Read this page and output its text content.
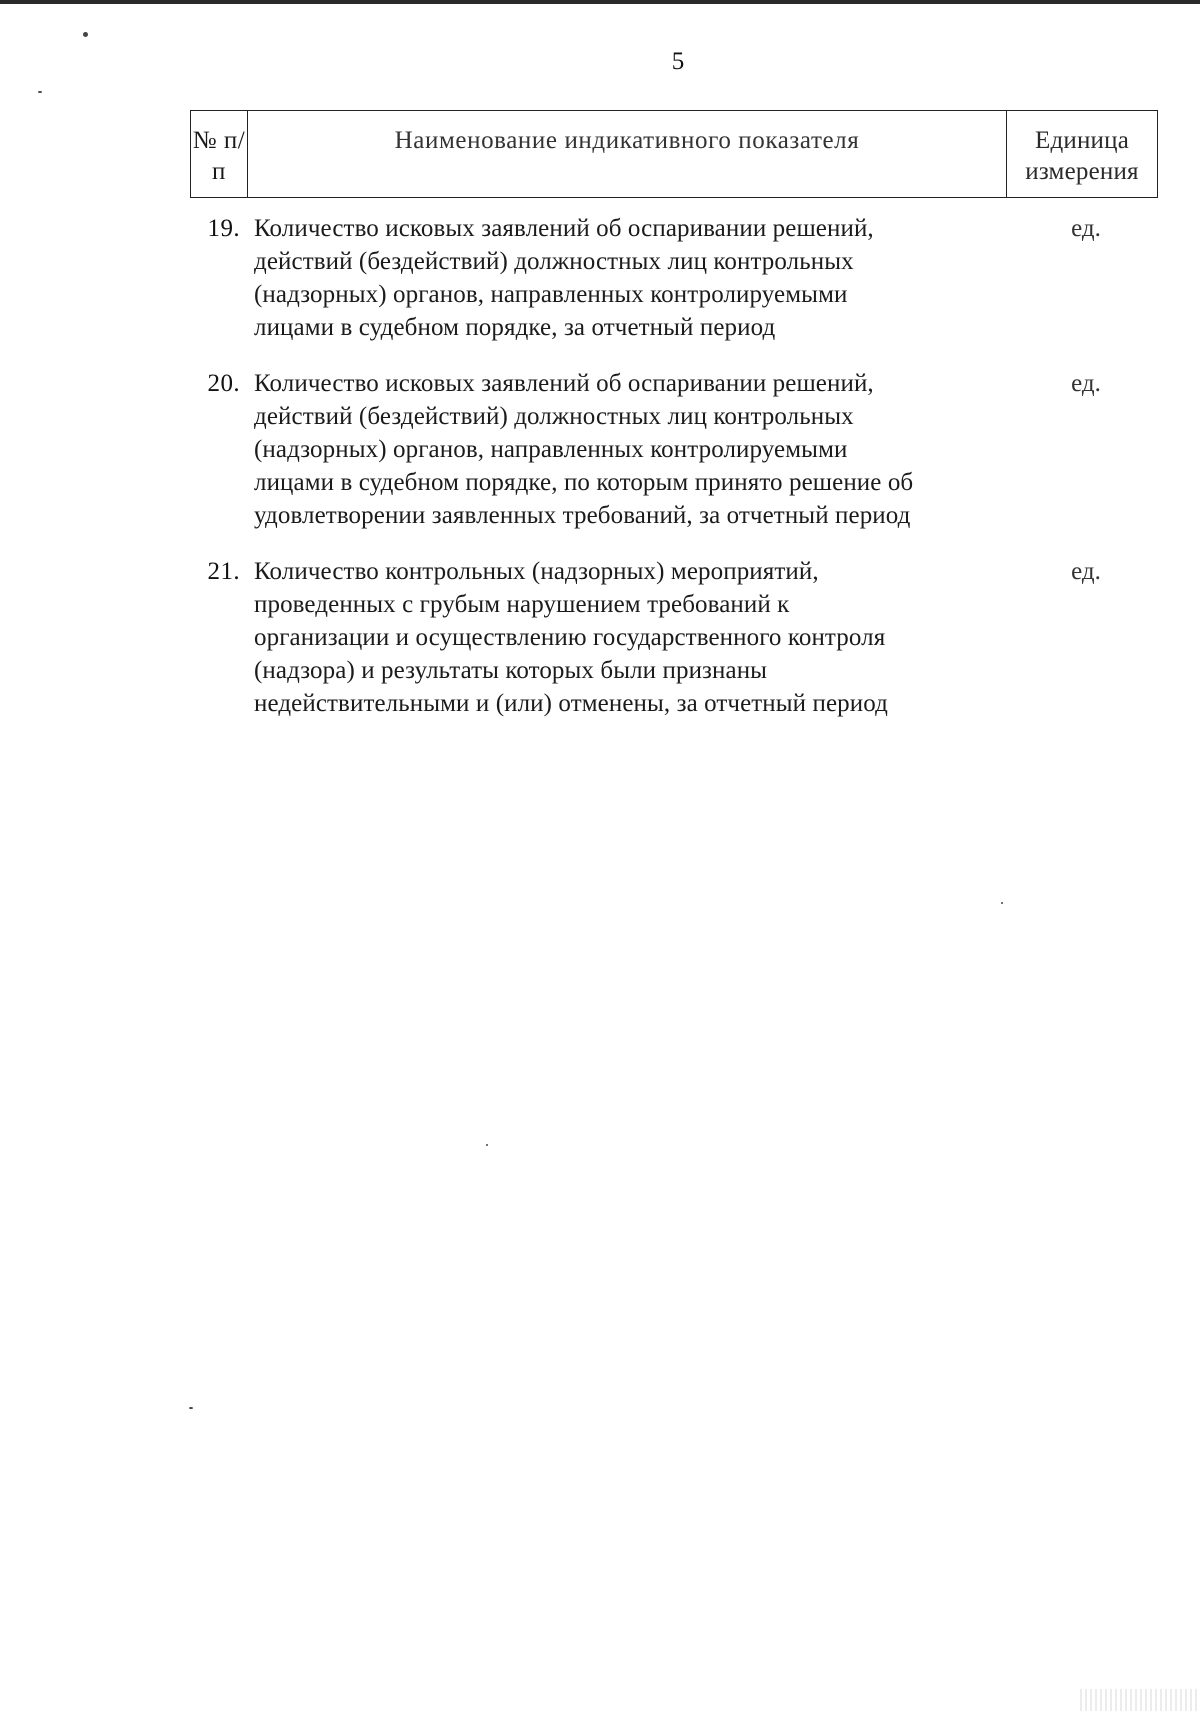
5
№ п/п
Наименование индикативного показателя	Единица измерения
19. Количество исковых заявлений об оспаривании решений,
действий (бездействий) должностных лиц контрольных
(надзорных) органов, направленных контролируемыми
лицами в судебном порядке, за отчетный период
ед.
20. Количество исковых заявлений об оспаривании решений,
действий (бездействий) должностных лиц контрольных
(надзорных) органов, направленных контролируемыми
лицами в судебном порядке, по которым принято решение об
удовлетворении заявленных требований, за отчетный период
ед.
21. Количество контрольных (надзорных) мероприятий,
проведенных с грубым нарушением требований к
организации и осуществлению государственного контроля
(надзора) и результаты которых были признаны
недействительными и (или) отменены, за отчетный период
ед.
